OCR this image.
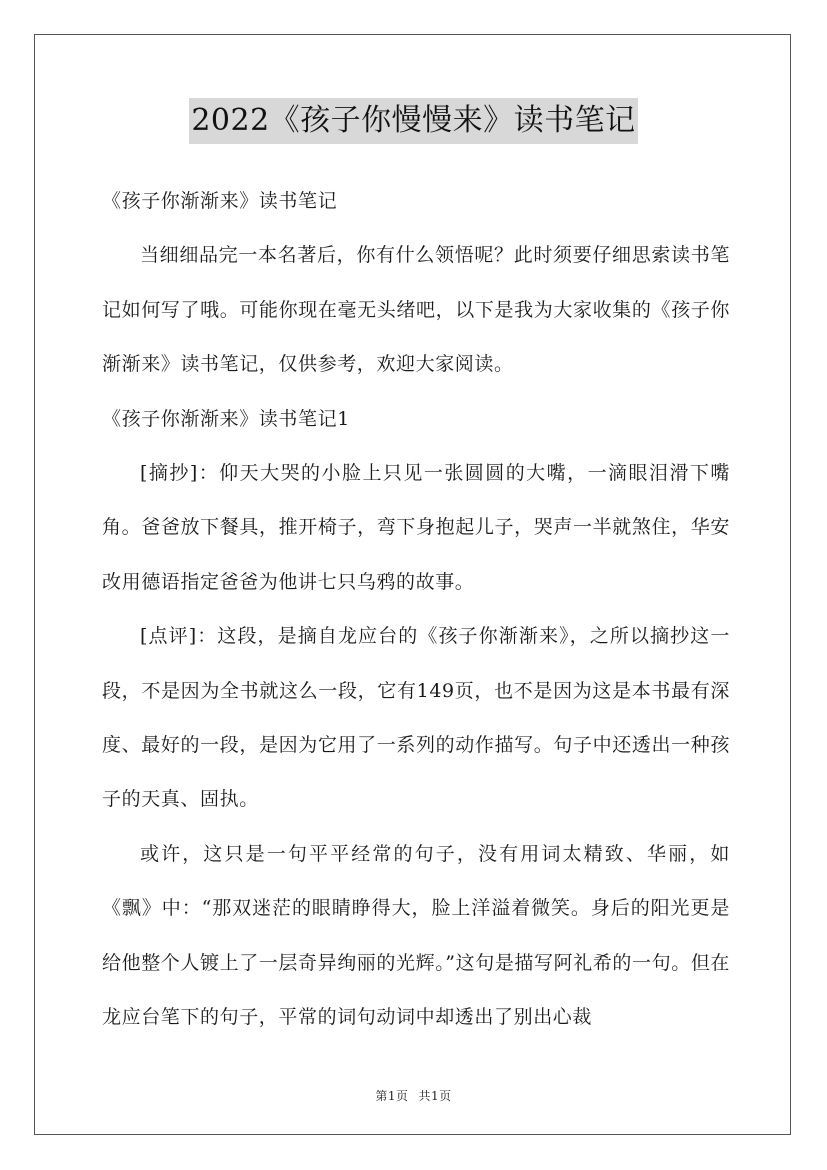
2022《孩子你慢慢来》读书笔记

《孩子你渐渐来》读书笔记

当细细品完一本名著后，你有什么领悟呢？此时须要仔细思索读书笔记如何写了哦。可能你现在毫无头绪吧，以下是我为大家收集的《孩子你渐渐来》读书笔记，仅供参考，欢迎大家阅读。

《孩子你渐渐来》读书笔记1

[摘抄]：仰天大哭的小脸上只见一张圆圆的大嘴，一滴眼泪滑下嘴角。爸爸放下餐具，推开椅子，弯下身抱起儿子，哭声一半就煞住，华安改用德语指定爸爸为他讲七只乌鸦的故事。

[点评]：这段，是摘自龙应台的《孩子你渐渐来》，之所以摘抄这一段，不是因为全书就这么一段，它有149页，也不是因为这是本书最有深度、最好的一段，是因为它用了一系列的动作描写。句子中还透出一种孩子的天真、固执。

或许，这只是一句平平经常的句子，没有用词太精致、华丽，如《飘》中：“那双迷茫的眼睛睁得大，脸上洋溢着微笑。身后的阳光更是给他整个人镀上了一层奇异绚丽的光辉。”这句是描写阿礼希的一句。但在龙应台笔下的句子，平常的词句动词中却透出了别出心裁

第1页 共1页
